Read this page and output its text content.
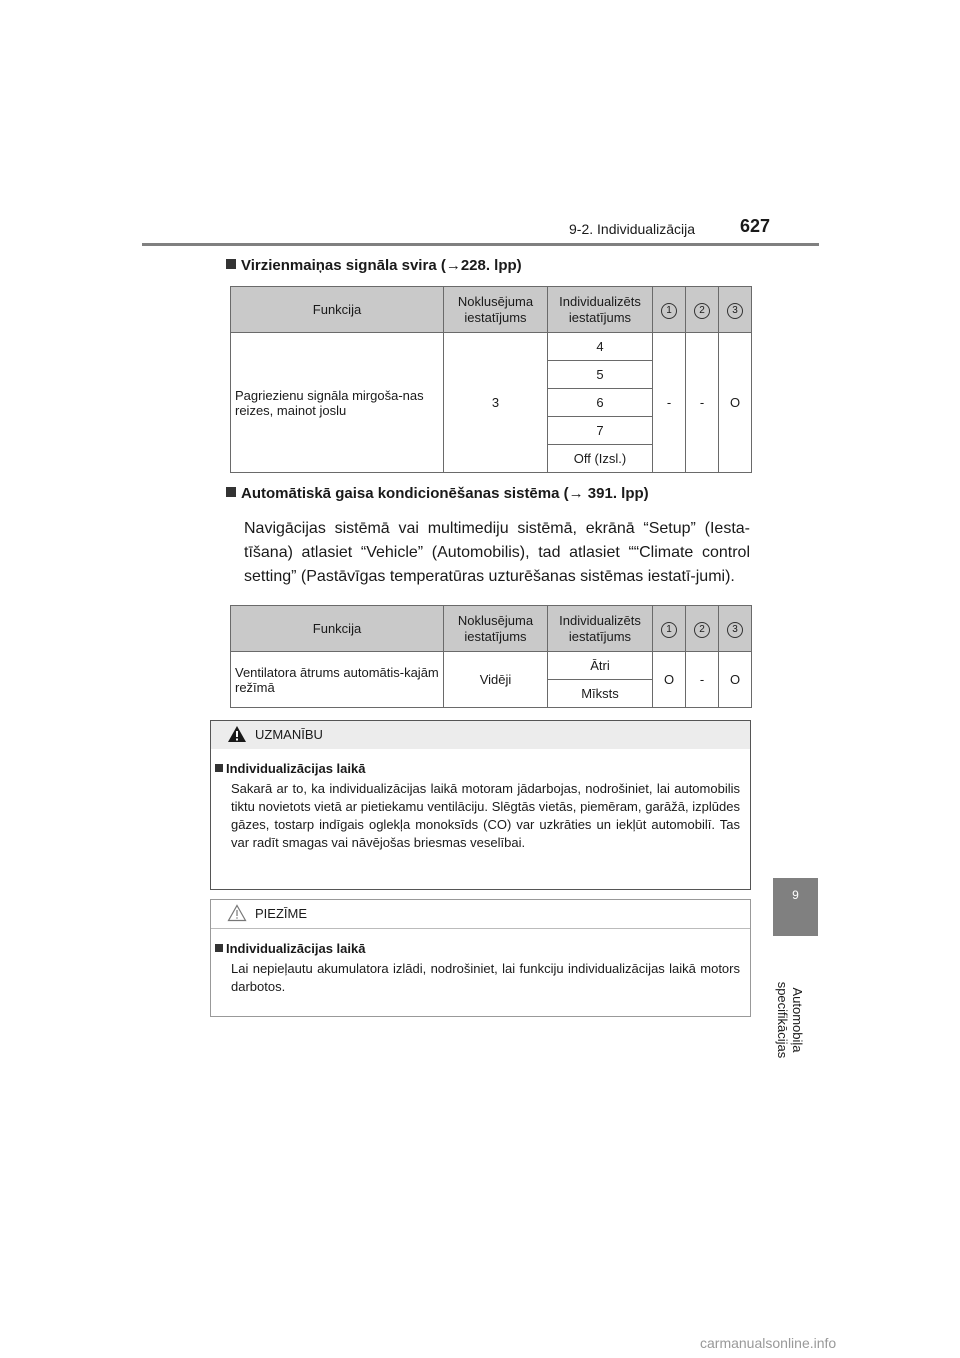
9-2. Individualizācija 627
9
Automobiļa specifikācijas
Virzienmaiņas signāla svira (→228. lpp)
Funkcija	Noklusējuma iestatījums	Individualizēts iestatījums	1	2	3
Pagriezienu signāla mirgoša-nas reizes, mainot joslu	3	4	-	-	O
		5			
		6			
		7			
		Off (Izsl.)			
Automātiskā gaisa kondicionēšanas sistēma (→ 391. lpp)
Navigācijas sistēmā vai multimediju sistēmā, ekrānā “Setup” (Iesta-tīšana) atlasiet “Vehicle” (Automobilis), tad atlasiet ““Climate control setting” (Pastāvīgas temperatūras uzturēšanas sistēmas iestatī-jumi).
Funkcija	Noklusējuma iestatījums	Individualizēts iestatījums	1	2	3
Ventilatora ātrums automātis-kajām režīmā	Vidēji	Ātri	O	-	O
		Mīksts			
UZMANĪBU
Individualizācijas laikā
Sakarā ar to, ka individualizācijas laikā motoram jādarbojas, nodrošiniet, lai automobilis tiktu novietots vietā ar pietiekamu ventilāciju. Slēgtās vietās, piemēram, garāžā, izplūdes gāzes, tostarp indīgais oglekļa monoksīds (CO) var uzkrāties un iekļūt automobilī. Tas var radīt smagas vai nāvējošas briesmas veselībai.
PIEZĪME
Individualizācijas laikā
Lai nepieļautu akumulatora izlādi, nodrošiniet, lai funkciju individualizācijas laikā motors darbotos.
carmanualsonline.info
